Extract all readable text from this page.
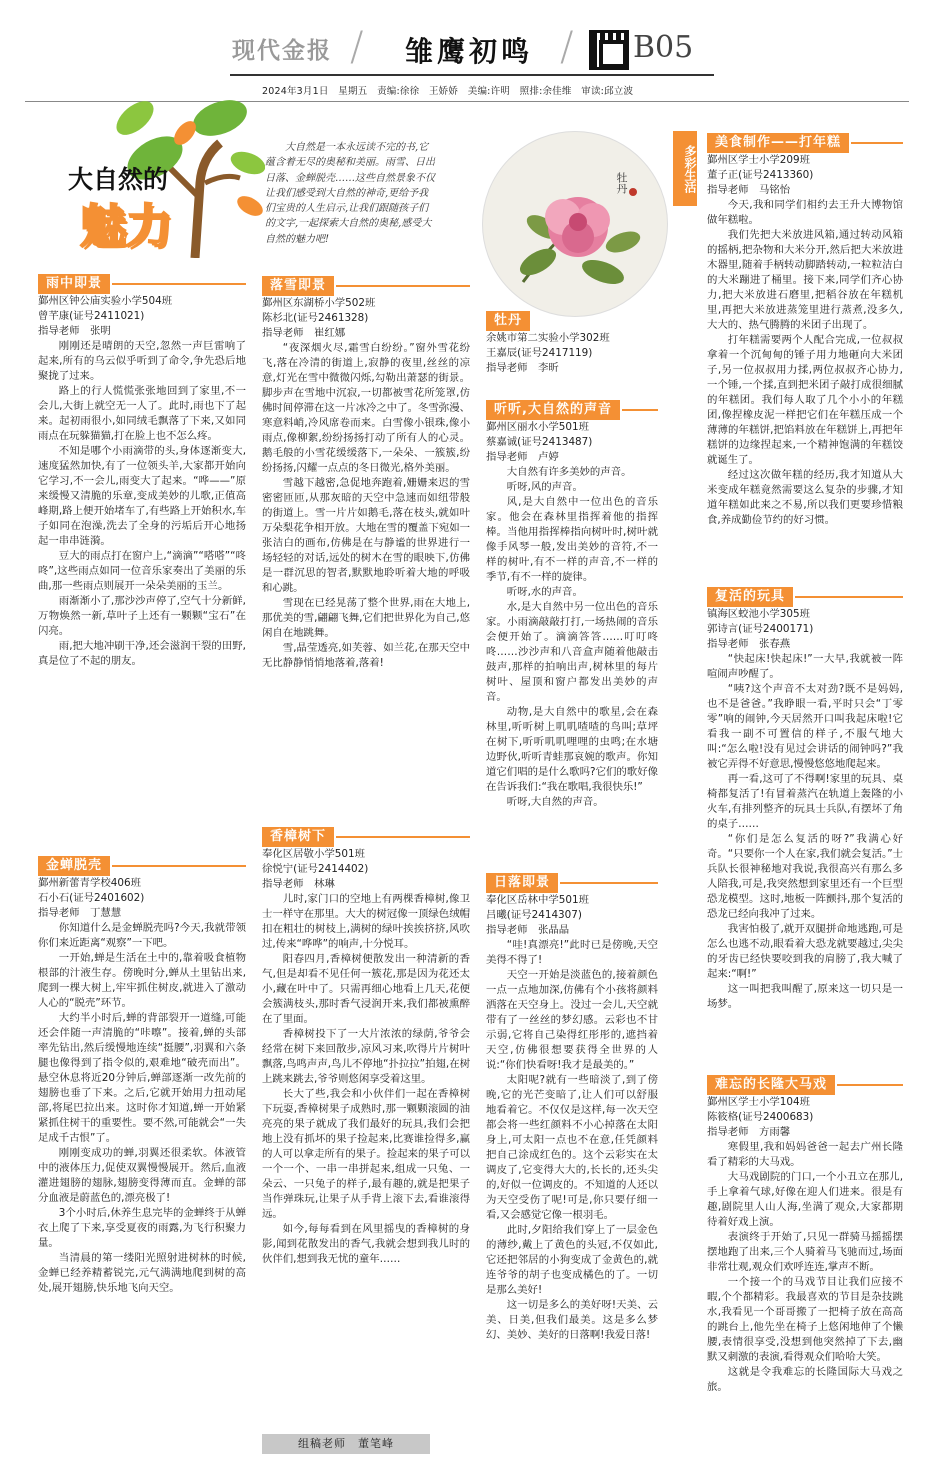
现代金报 / 雏鹰初鸣 / B05
2024年3月1日　星期五　责编:徐徐　王娇娇　美编:许明　照排:余佳维　审读:邱立波
大自然的
魅力
大自然是一本永远读不完的书,它蕴含着无尽的奥秘和美丽。雨雪、日出日落、金蝉脱壳……这些自然景象不仅让我们感受到大自然的神奇,更给予我们宝贵的人生启示,让我们跟随孩子们的文字,一起探索大自然的奥秘,感受大自然的魅力吧!
牡丹	多彩生活
雨中即景
鄞州区钟公庙实验小学504班
曾芊康(证号2411021)
指导老师　张明

刚刚还是晴朗的天空,忽然一声巨雷响了起来,所有的乌云似乎听到了命令,争先恐后地聚拢了过来。

路上的行人慌慌张张地回到了家里,不一会儿,大街上就空无一人了。此时,雨也下了起来。起初雨很小,如同绒毛飘落了下来,又如同雨点在玩躲猫猫,打在脸上也不怎么疼。

不知是哪个小雨滴带的头,身体逐渐变大,速度猛然加快,有了一位领头羊,大家都开始向它学习,不一会儿,雨变大了起来。“哗——”原来缓慢又清脆的乐章,变成美妙的儿歌,正值高峰期,路上便开始堵车了,有些路上开始积水,车子如同在泡澡,洗去了全身的污垢后开心地扬起一串串涟漪。

豆大的雨点打在窗户上,“滴滴”“嗒嗒”“咚咚”,这些雨点如同一位音乐家奏出了美丽的乐曲,那一些雨点则展开一朵朵美丽的玉兰。

雨渐渐小了,那沙沙声停了,空气十分新鲜,万物焕然一新,草叶子上还有一颗颗“宝石”在闪亮。

雨,把大地冲刷干净,还会滋润干裂的田野,真是位了不起的朋友。

金蝉脱壳
鄞州新蕾青学校406班
石小石(证号2401602)
指导老师　丁慧慧

你知道什么是金蝉脱壳吗?今天,我就带领你们来近距离“观察”一下吧。

一开始,蝉是生活在土中的,靠着吸食植物根部的汁液生存。傍晚时分,蝉从土里钻出来,爬到一棵大树上,牢牢抓住树皮,就进入了激动人心的“脱壳”环节。

大约半小时后,蝉的背部裂开一道缝,可能还会伴随一声清脆的“咔嚓”。接着,蝉的头部率先钻出,然后缓慢地连续“挺腰”,羽翼和六条腿也像得到了指令似的,艰难地“破壳而出”。悬空休息将近20分钟后,蝉部逐渐一改先前的翅膀也垂了下来。之后,它就开始用力扭动尾部,将尾巴拉出来。这时你才知道,蝉一开始紧紧抓住树干的重要性。要不然,可能就会“一失足成千古恨”了。

刚刚变成功的蝉,羽翼还很柔软。体液管中的液体压力,促使双翼慢慢展开。然后,血液灌进翅膀的翅脉,翅膀变得薄而直。金蝉的部分血液是蔚蓝色的,漂亮极了!

3个小时后,休养生息完毕的金蝉终于从蝉衣上爬了下来,享受夏夜的雨露,为飞行积聚力量。

当清晨的第一缕阳光照射进树林的时候,金蝉已经养精蓄锐完,元气满满地爬到树的高处,展开翅膀,快乐地飞向天空。

落雪即景
鄞州区东湖桥小学502班
陈杉北(证号2461328)
指导老师　崔红娜

“夜深烟火尽,霜雪白纷纷。”窗外雪花纷飞,落在冷清的街道上,寂静的夜里,丝丝的凉意,灯光在雪中微微闪烁,勾勒出萧瑟的街景。脚步声在雪地中沉寂,一切都被雪花所笼罩,仿佛时间停滞在这一片冰冷之中了。冬雪弥漫、寒意料峭,冷风席卷而来。白雪像小银珠,像小雨点,像柳絮,纷纷扬扬打动了所有人的心灵。鹅毛般的小雪花缓缓落下,一朵朵、一簇簇,纷纷扬扬,闪耀一点点的冬日微光,格外美丽。

雪越下越密,急促地奔跑着,姗姗来迟的雪密密匝匝,从那灰暗的天空中急速而如纽带般的街道上。雪一片片如鹅毛,落在枝头,就如叶万朵梨花争相开放。大地在雪的覆盖下宛如一张洁白的画布,仿佛是在与静谧的世界进行一场轻轻的对话,远处的树木在雪的眼映下,仿佛是一群沉思的智者,默默地聆听着大地的呼吸和心跳。

雪现在已经晃荡了整个世界,雨在大地上,那优美的雪,翩翩飞舞,它们把世界化为自己,悠闲自在地跳舞。

雪,晶莹透亮,如芙蓉、如兰花,在那天空中无比静静悄悄地落着,落着!

香樟树下
奉化区居敬小学501班
徐悦宁(证号2414402)
指导老师　林琳

儿时,家门口的空地上有两棵香樟树,像卫士一样守在那里。大大的树冠像一顶绿色绒帽扣在粗壮的树枝上,满树的绿叶挨挨挤挤,风吹过,传来“哗哗”的响声,十分悦耳。

阳春四月,香樟树便散发出一种清新的香气,但是却看不见任何一簇花,那是因为花还太小,藏在叶中了。只需再细心地看上几天,花便会簇满枝头,那时香气浸润开来,我们都被熏醉在了里面。

香樟树投下了一大片浓浓的绿荫,爷爷会经常在树下来回散步,凉风习来,吹得片片树叶飘落,鸟鸣声声,鸟儿不停地“扑拉拉”拍翅,在树上跳来跳去,爷爷则悠闲享受着这里。

长大了些,我会和小伙伴们一起在香樟树下玩耍,香樟树果子成熟时,那一颗颗滚圆的油亮亮的果子就成了我们最好的玩具,我们会把地上没有抓坏的果子捡起来,比赛谁捡得多,赢的人可以拿走所有的果子。捡起来的果子可以一个一个、一串一串拼起来,组成一只兔、一朵云、一只兔子的样子,最有趣的,就是把果子当作弹珠玩,让果子从手背上滚下去,看谁滚得远。

如今,每每看到在风里摇曳的香樟树的身影,闻到花散发出的香气,我就会想到我儿时的伙伴们,想到我无忧的童年……

组稿老师　董笔峰
牡丹
余姚市第二实验小学302班
王嘉辰(证号2417119)
指导老师　李昕
听听,大自然的声音
鄞州区丽水小学501班
蔡嘉诚(证号2413487)
指导老师　卢婷

大自然有许多美妙的声音。

听呀,风的声音。

风,是大自然中一位出色的音乐家。他会在森林里指挥着他的指挥棒。当他用指挥棒指向树叶时,树叶就像手风琴一般,发出美妙的音符,不一样的树叶,有不一样的声音,不一样的季节,有不一样的旋律。

听呀,水的声音。

水,是大自然中另一位出色的音乐家。小雨滴敲敲打打,一场热闹的音乐会便开始了。滴滴答答……叮叮咚咚……沙沙声和八音盒声随着他敲击鼓声,那样的拍响出声,树林里的每片树叶、屋顶和窗户都发出美妙的声音。

动物,是大自然中的歌星,会在森林里,听听树上叽叽喳喳的鸟叫;草坪在树下,听听叽叽哩哩的虫鸣;在水塘边野伙,听听青蛙那哀婉的歌声。你知道它们唱的是什么歌吗?它们的歌好像在告诉我们:“我在歌唱,我很快乐!”

听呀,大自然的声音。

日落即景
奉化区岳林中学501班
吕曦(证号2414307)
指导老师　张晶晶

“哇!真漂亮!”此时已是傍晚,天空美得不得了!

天空一开始是淡蓝色的,接着颜色一点一点地加深,仿佛有个小孩将颜料洒落在天空身上。没过一会儿,天空就带有了一丝丝的梦幻感。云彩也不甘示弱,它将自己染得红彤彤的,遮挡着天空,仿佛很想要获得全世界的人说:“你们快看呀!我才是最美的。”

太阳呢?就有一些暗淡了,到了傍晚,它的光芒变暗了,让人们可以舒服地看着它。不仅仅是这样,每一次天空都会将一些红颜料不小心掉落在太阳身上,可太阳一点也不在意,任凭颜料把自己涂成红色的。这个云彩实在太调皮了,它变得大大的,长长的,还头尖的,好似一位调皮的。不知道的人还以为天空受伤了呢!可是,你只要仔细一看,又会感觉它像一根羽毛。

此时,夕阳给我们穿上了一层金色的薄纱,戴上了黄色的头冠,不仅如此,它还把邻居的小狗变成了金黄色的,就连爷爷的胡子也变成橘色的了。一切是那么美好!

这一切是多么的美好呀!天美、云美、日美,但我们最美。这是多么梦幻、美妙、美好的日落啊!我爱日落!

美食制作——打年糕
鄞州区学士小学209班
董子正(证号2413360)
指导老师　马铭怡

今天,我和同学们相约去王升大博物馆做年糕啦。

我们先把大米放进风箱,通过转动风箱的摇柄,把杂物和大米分开,然后把大米放进木器里,随着手柄转动脚踏转动,一粒粒洁白的大米蹦进了桶里。接下来,同学们齐心协力,把大米放进石磨里,把稻谷放在年糕机里,再把大米放进蒸笼里进行蒸煮,没多久,大大的、热气腾腾的米团子出现了。

打年糕需要两个人配合完成,一位叔叔拿着一个沉甸甸的锤子用力地砸向大米团子,另一位叔叔用力揉,两位叔叔齐心协力,一个锤,一个揉,直到把米团子敲打成很细腻的年糕团。我们每人取了几个小小的年糕团,像捏橡皮泥一样把它们在年糕压成一个薄薄的年糕饼,把馅料放在年糕饼上,再把年糕饼的边缘捏起来,一个精神饱满的年糕饺就诞生了。

经过这次做年糕的经历,我才知道从大米变成年糕竟然需要这么复杂的步骤,才知道年糕如此来之不易,所以我们更要珍惜粮食,养成勤俭节约的好习惯。

复活的玩具
镇海区蛟池小学305班
郭诗言(证号2400171)
指导老师　张春燕

“快起床!快起床!”一大早,我就被一阵喧闹声吵醒了。

“咦?这个声音不太对劲?既不是妈妈,也不是爸爸。”我睁眼一看,平时只会“丁零零”响的闹钟,今天居然开口叫我起床啦!它看我一副不可置信的样子,不服气地大叫:“怎么啦!没有见过会讲话的闹钟吗?”我被它弄得不好意思,慢慢悠悠地爬起来。

再一看,这可了不得啊!家里的玩具、桌椅都复活了!有冒着蒸汽在轨道上轰隆的小火车,有排列整齐的玩具士兵队,有摆坏了角的桌子……

“你们是怎么复活的呀?”我满心好奇。“只要你一个人在家,我们就会复活。”士兵队长很神秘地对我说,我很高兴有那么多人陪我,可是,我突然想到家里还有一个巨型恐龙模型。这时,地板一阵颤抖,那个复活的恐龙已经向我冲了过来。

我害怕极了,就开双腿拼命地逃跑,可是怎么也逃不动,眼看着大恐龙就要越过,尖尖的牙齿已经快要咬到我的肩膀了,我大喊了起来:“啊!”

这一叫把我叫醒了,原来这一切只是一场梦。

难忘的长隆大马戏
鄞州区学士小学104班
陈筱格(证号2400683)
指导老师　方雨馨

寒假里,我和妈妈爸爸一起去广州长隆看了精彩的大马戏。

大马戏剧院的门口,一个小丑立在那儿,手上拿着气球,好像在迎人们进来。很是有趣,剧院里人山人海,坐满了观众,大家都期待着好戏上演。

表演终于开始了,只见一群骑马摇摇摆摆地跑了出来,三个人骑着马飞驰而过,场面非常壮观,观众们欢呼连连,掌声不断。

一个接一个的马戏节目让我们应接不暇,个个都精彩。我最喜欢的节目是杂技跳水,我看见一个哥哥搬了一把椅子放在高高的跳台上,他先坐在椅子上悠闲地伸了个懒腰,表情很享受,没想到他突然掉了下去,幽默又刺激的表演,看得观众们哈哈大笑。

这就是令我难忘的长隆国际大马戏之旅。
